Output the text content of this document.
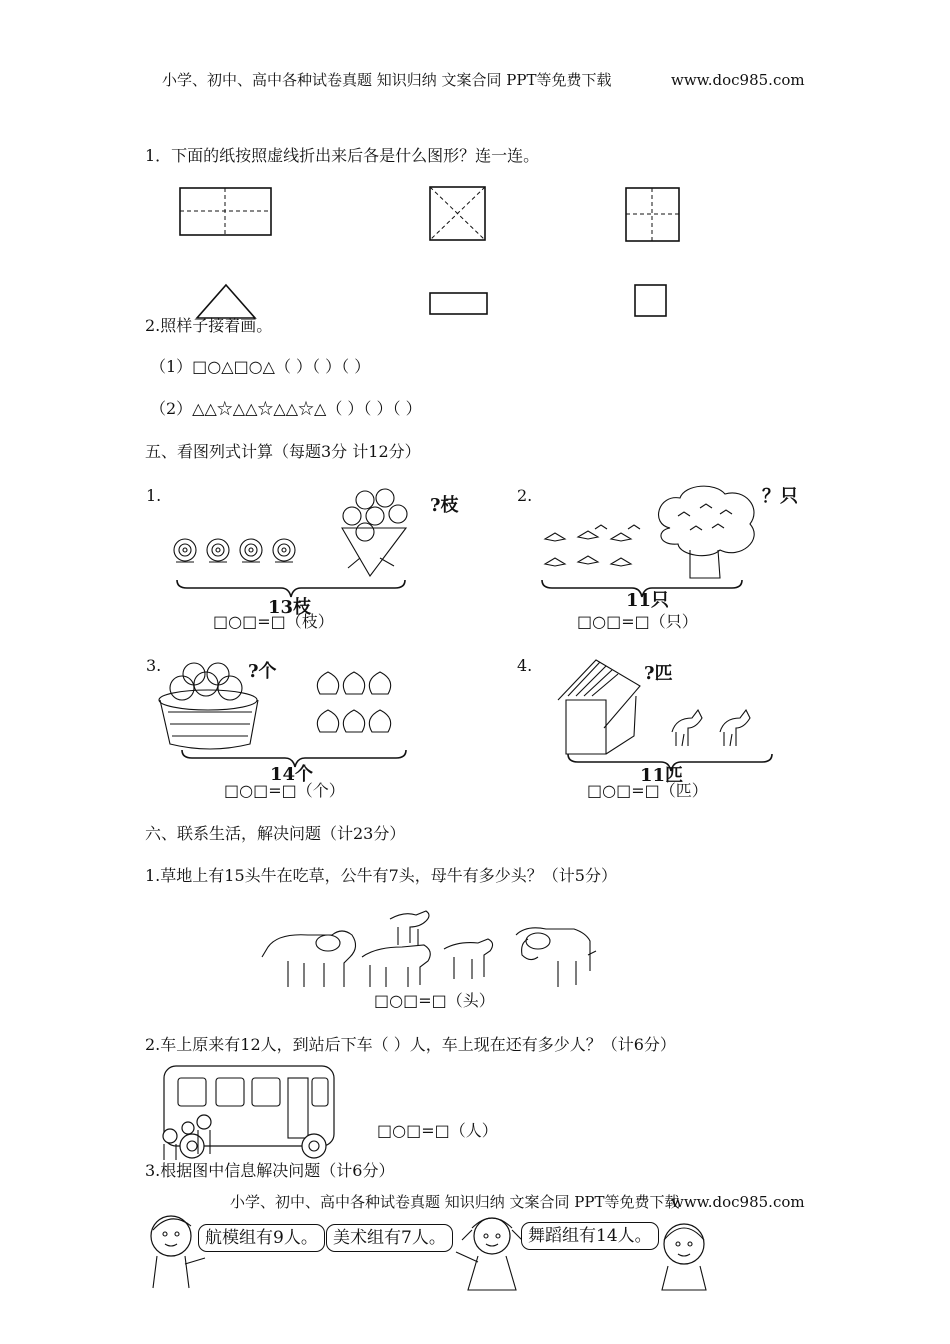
小学、初中、高中各种试卷真题 知识归纳 文案合同 PPT等免费下载	www.doc985.com
1．下面的纸按照虚线折出来后各是什么图形？连一连。
2.照样子接着画。
（1）□○△□○△（ ）（ ）（ ）
（2）△△☆△△☆△△☆△（ ）（ ）（ ）
五、看图列式计算（每题3分 计12分）
1.	?枝
13枝
□○□=□（枝）
2.	？只
11只
□○□=□（只）
3.	?个
14个
□○□=□（个）
4.	?匹
11匹
□○□=□（匹）
六、联系生活，解决问题（计23分）
1.草地上有15头牛在吃草，公牛有7头，母牛有多少头？（计5分）
□○□=□（头）
2.车上原来有12人，到站后下车（ ）人，车上现在还有多少人？（计6分）
□○□=□（人）
3.根据图中信息解决问题（计6分）
小学、初中、高中各种试卷真题 知识归纳 文案合同 PPT等免费下载
www.doc985.com
航模组有9人。 美术组有7人。	舞蹈组有14人。
